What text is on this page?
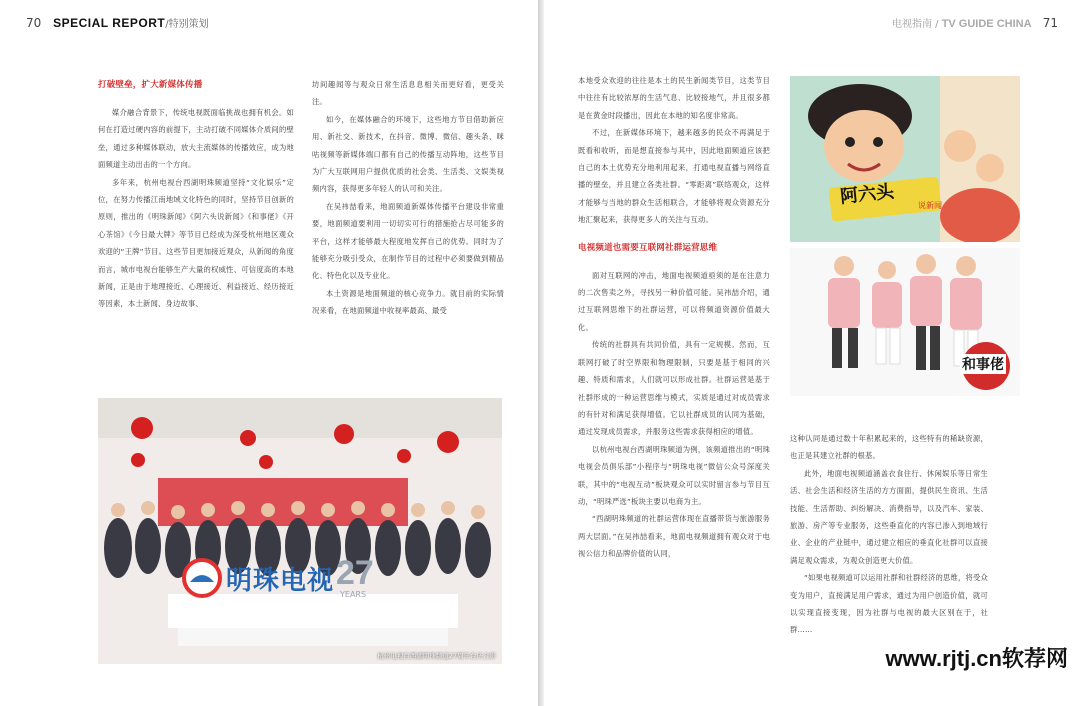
70 SPECIAL REPORT/特别策划	电视指南 / TV GUIDE CHINA 71
打破壁垒，扩大新媒体传播

媒介融合背景下，传统电视既面临挑战也拥有机会。如何在打造过硬内容的前提下，主动打破不同媒体介质间的壁垒，通过多种媒体联动，放大主流媒体的传播效应，成为地面频道主动出击的一个方向。

多年来，杭州电视台西湖明珠频道坚持“文化娱乐”定位，在努力传播江南地域文化特色的同时，坚持节目创新的原则，推出的《明珠新闻》《阿六头说新闻》《和事佬》《开心茶馆》《今日最大牌》等节目已经成为深受杭州地区观众欢迎的“王牌”节目。这些节目更加接近观众，从新闻的角度而言，城市电视台能够生产大量的权威性、可信度高的本地新闻，正是由于地理接近、心理接近、利益接近、经历接近等因素，本土新闻、身边故事、

坊间趣闻等与观众日常生活息息相关而更好看，更受关注。

如今，在媒体融合的环境下，这些地方节目借助新应用、新社交、新技术，在抖音、微博、微信、趣头条、咪咕视频等新媒体端口都有自己的传播互动阵地，这些节目为广大互联网用户提供优质的社会类、生活类、文娱类视频内容，获得更多年轻人的认可和关注。

在吴祎喆看来，地面频道新媒体传播平台建设非常重要，地面频道要利用一切切实可行的措施抢占尽可能多的平台，这样才能够最大程度地发挥自己的优势。同时为了能够充分吸引受众，在制作节目的过程中必须要做到精品化、特色化以及专业化。

本土资源是地面频道的核心竞争力。就目前的实际情况来看，在地面频道中收视率最高、最受

本地受众欢迎的往往是本土的民生新闻类节目，这类节目中往往有比较浓厚的生活气息、比较接地气，并且很多都是在黄金时段播出，因此在本地的知名度非常高。

不过，在新媒体环境下，越来越多的民众不再满足于既看和收听，而是想直接参与其中，因此地面频道应该把自己的本土优势充分地利用起来，打通电视直播与网络直播的壁垒，并且建立各类社群。“零距离”联络观众，这样才能够与当地的群众生活相联合，才能够将观众资源充分地汇聚起来，获得更多人的关注与互动。

电视频道也需要互联网社群运营思维

面对互联网的冲击，地面电视频道亟须的是在注意力的二次售卖之外，寻找另一种价值可能。吴祎喆介绍，通过互联网思维下的社群运营，可以将频道资源价值最大化。

传统的社群具有共同价值，具有一定规模。然而，互联网打破了时空界限和物理限制，只要是基于相同的兴趣、特质和需求，人们就可以形成社群。社群运营是基于社群形成的一种运营思维与模式，实质是通过对成员需求的有针对和满足获得增值。它以社群成员的认同为基础，通过发现成员需求，并服务这些需求获得相应的增值。

以杭州电视台西湖明珠频道为例，该频道推出的“明珠电视会员俱乐部”小程序与“明珠电视”微信公众号深度关联，其中的“电视互动”板块观众可以实时留言参与节目互动，“明珠严选”板块主要以电商为主。

“西湖明珠频道的社群运营体现在直播带货与旅游服务两大层面。”在吴祎喆看来，地面电视频道拥有观众对于电视公信力和品牌价值的认同，

这种认同是通过数十年积累起来的，这些特有的稀缺资源，也正是其建立社群的根基。

此外，地面电视频道涵盖衣食住行、休闲娱乐等日常生活、社会生活和经济生活的方方面面，提供民生资讯、生活技能、生活帮助、纠纷解决、消费指导，以及汽车、家装、旅游、房产等专业服务，这些垂直化的内容已渗入到地域行业、企业的产业链中，通过建立相应的垂直化社群可以直接满足观众需求，为观众创造更大价值。

“如果电视频道可以运用社群和社群经济的思维，将受众变为用户，直接满足用户需求，通过为用户创造价值，就可以实现直接变现，因为社群与电视的最大区别在于，社群……

明珠电视 27
YEARS
杭州电视台西湖明珠频道27周年台庆合影
阿六头	说新闻
和事佬
www.rjtj.cn软荐网
